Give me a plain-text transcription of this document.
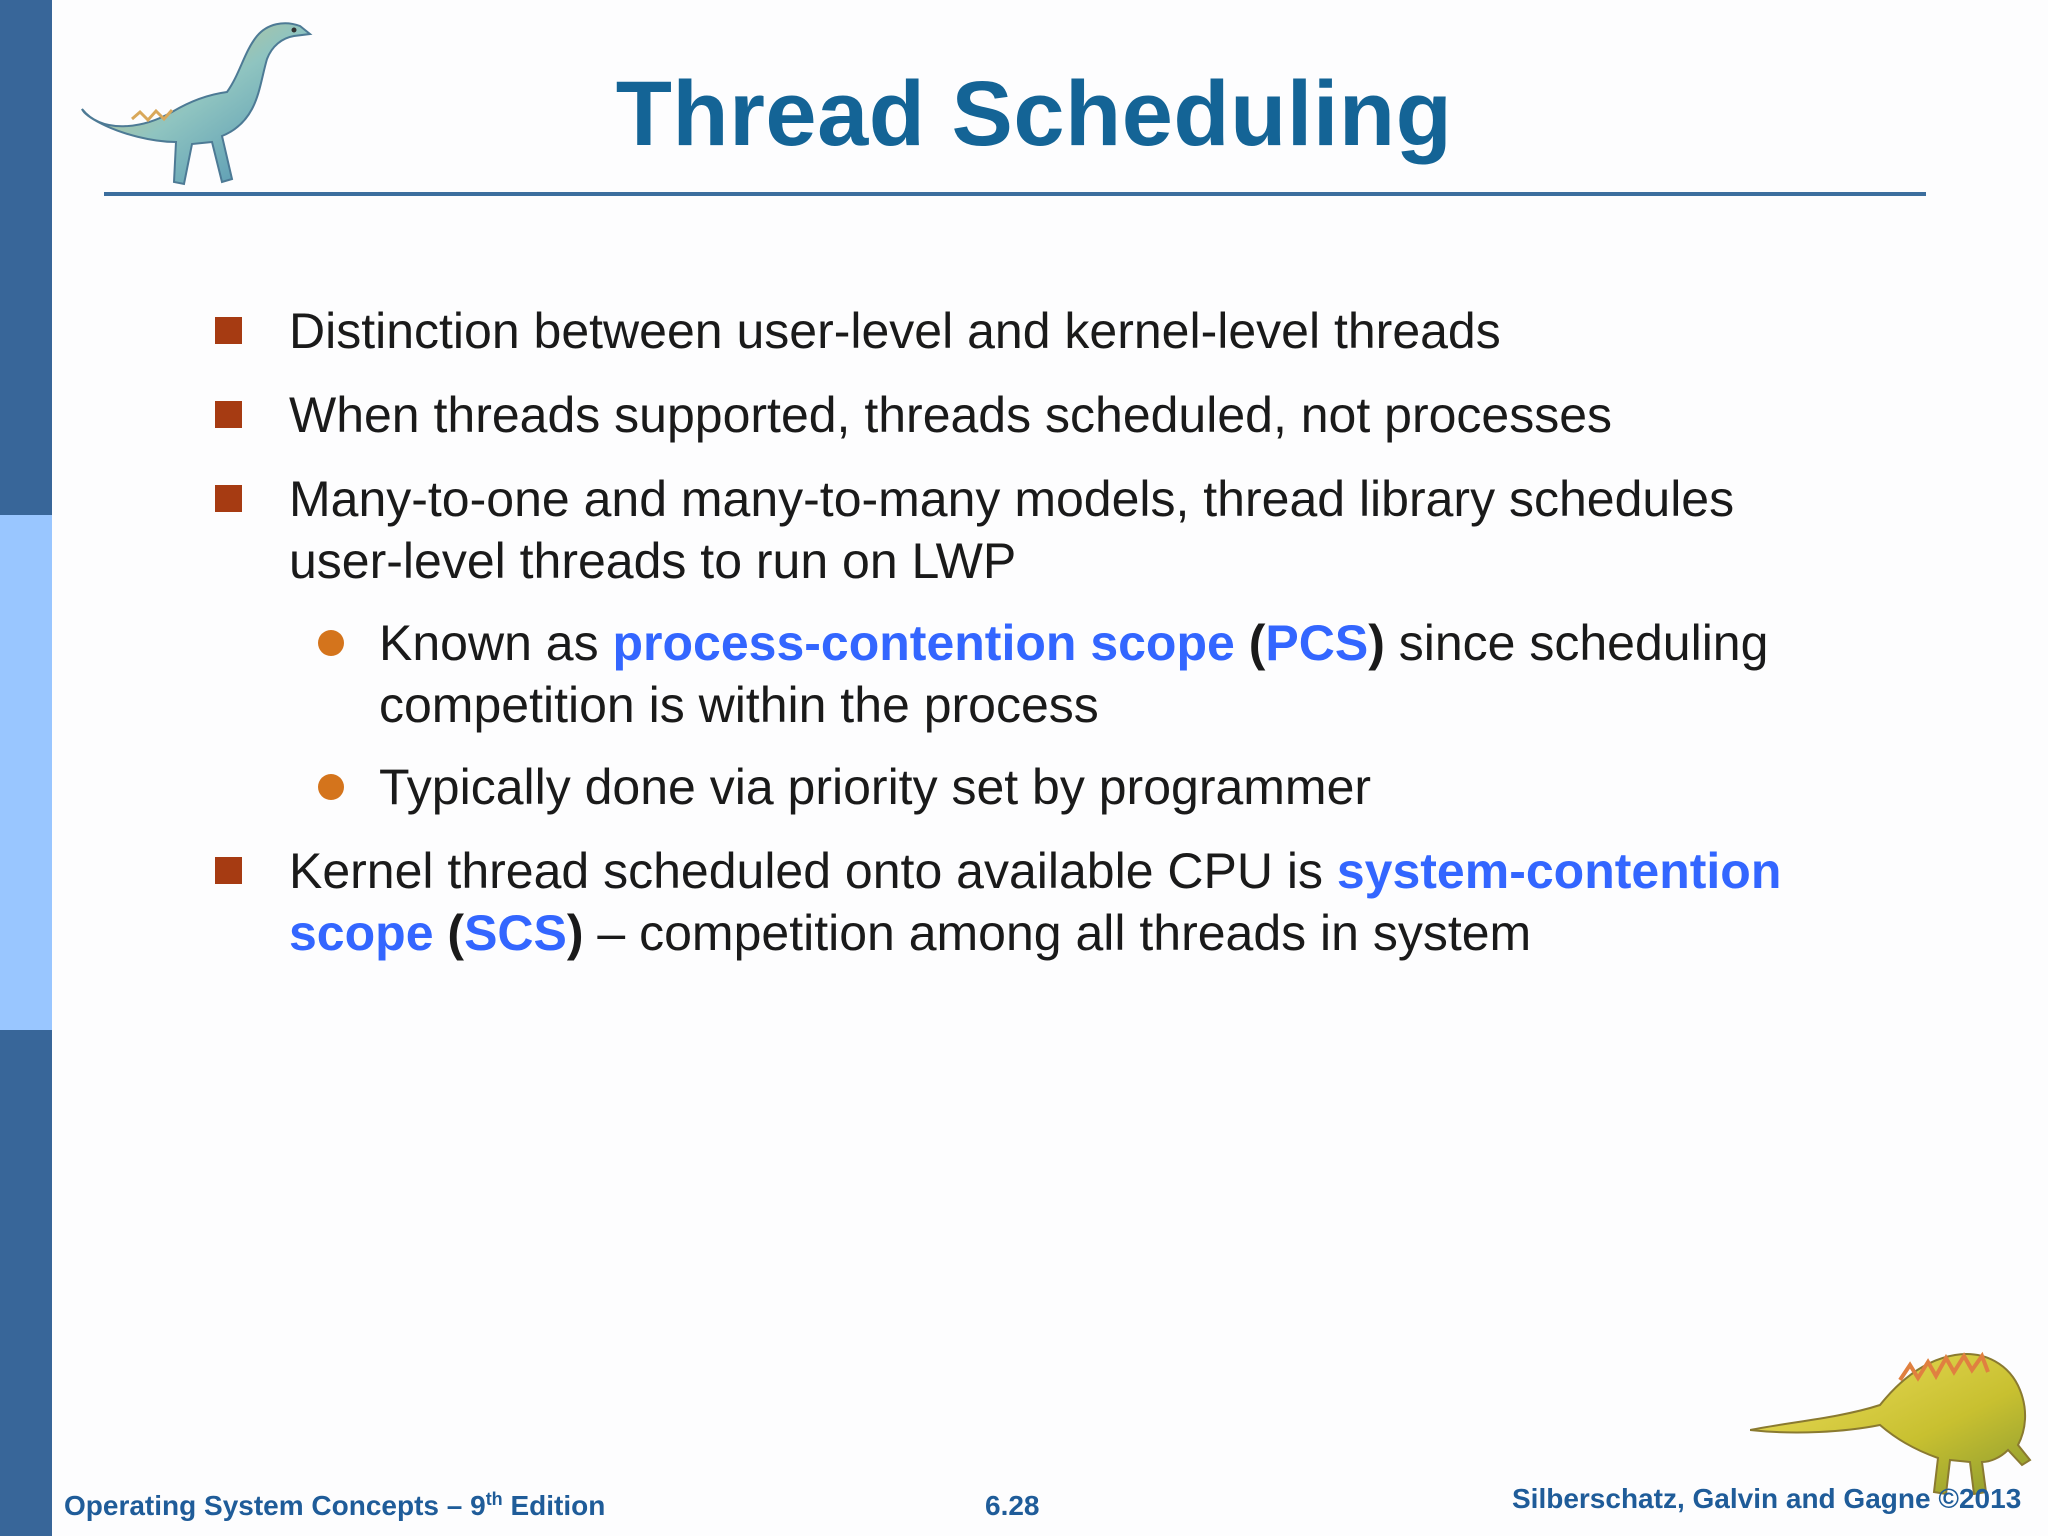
Thread Scheduling
Distinction between user-level and kernel-level threads
When threads supported, threads scheduled, not processes
Many-to-one and many-to-many models, thread library schedules
user-level threads to run on LWP
Known as process-contention scope (PCS) since scheduling
competition is within the process
Typically done via priority set by programmer
Kernel thread scheduled onto available CPU is system-contention
scope (SCS) – competition among all threads in system
Operating System Concepts – 9th Edition	6.28	Silberschatz, Galvin and Gagne ©2013
